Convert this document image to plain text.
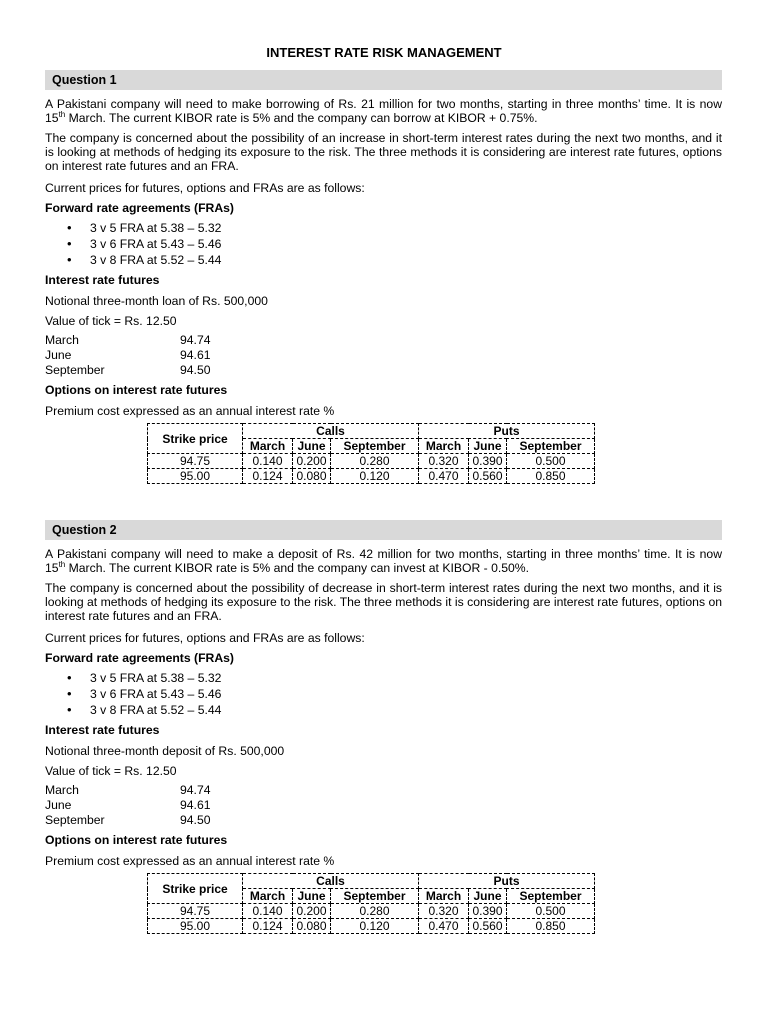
INTEREST RATE RISK MANAGEMENT
Question 1

A Pakistani company will need to make borrowing of Rs. 21 million for two months, starting in three months’ time. It is now
15th March. The current KIBOR rate is 5% and the company can borrow at KIBOR + 0.75%.

The company is concerned about the possibility of an increase in short-term interest rates during the next two months, and it is looking at methods of hedging its exposure to the risk. The three methods it is considering are interest rate futures, options on interest rate futures and an FRA.

Current prices for futures, options and FRAs are as follows:
Forward rate agreements (FRAs)
• 3 v 5 FRA at 5.38 – 5.32
• 3 v 6 FRA at 5.43 – 5.46
• 3 v 8 FRA at 5.52 – 5.44
Interest rate futures
Notional three-month loan of Rs. 500,000
Value of tick = Rs. 12.50
March	94.74
June	94.61
September	94.50
Options on interest rate futures
Premium cost expressed as an annual interest rate %
Strike price	Calls			Puts		
	March	June	September	March	June	September
94.75	0.140	0.200	0.280	0.320	0.390	0.500
95.00	0.124	0.080	0.120	0.470	0.560	0.850
Question 2

A Pakistani company will need to make a deposit of Rs. 42 million for two months, starting in three months’ time. It is now
15th March. The current KIBOR rate is 5% and the company can invest at KIBOR - 0.50%.

The company is concerned about the possibility of decrease in short-term interest rates during the next two months, and it is looking at methods of hedging its exposure to the risk. The three methods it is considering are interest rate futures, options on interest rate futures and an FRA.

Current prices for futures, options and FRAs are as follows:
Forward rate agreements (FRAs)
• 3 v 5 FRA at 5.38 – 5.32
• 3 v 6 FRA at 5.43 – 5.46
• 3 v 8 FRA at 5.52 – 5.44
Interest rate futures
Notional three-month deposit of Rs. 500,000
Value of tick = Rs. 12.50
March	94.74
June	94.61
September	94.50
Options on interest rate futures
Premium cost expressed as an annual interest rate %
Strike price	Calls			Puts		
	March	June	September	March	June	September
94.75	0.140	0.200	0.280	0.320	0.390	0.500
95.00	0.124	0.080	0.120	0.470	0.560	0.850
